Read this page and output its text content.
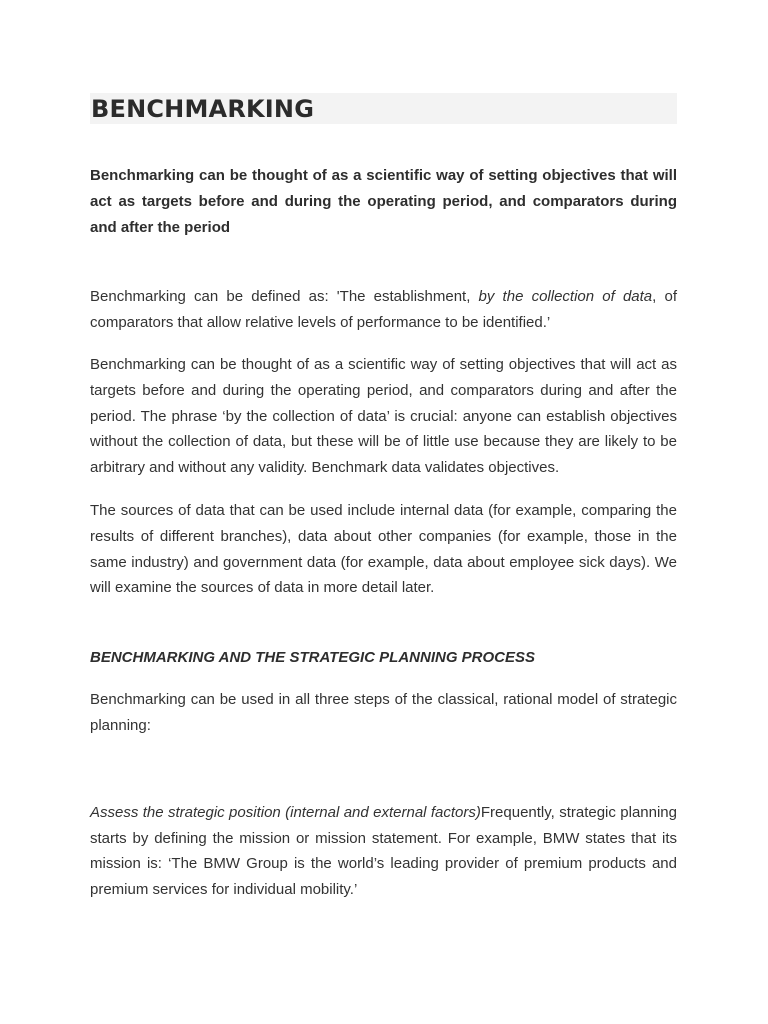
BENCHMARKING

Benchmarking can be thought of as a scientific way of setting objectives that will act as targets before and during the operating period, and comparators during and after the period

Benchmarking can be defined as: 'The establishment, by the collection of data, of comparators that allow relative levels of performance to be identified.’

Benchmarking can be thought of as a scientific way of setting objectives that will act as targets before and during the operating period, and comparators during and after the period. The phrase ‘by the collection of data’ is crucial: anyone can establish objectives without the collection of data, but these will be of little use because they are likely to be arbitrary and without any validity. Benchmark data validates objectives.

The sources of data that can be used include internal data (for example, comparing the results of different branches), data about other companies (for example, those in the same industry) and government data (for example, data about employee sick days). We will examine the sources of data in more detail later.

BENCHMARKING AND THE STRATEGIC PLANNING PROCESS

Benchmarking can be used in all three steps of the classical, rational model of strategic planning:

Assess the strategic position (internal and external factors)Frequently, strategic planning starts by defining the mission or mission statement. For example, BMW states that its mission is: ‘The BMW Group is the world’s leading provider of premium products and premium services for individual mobility.’
